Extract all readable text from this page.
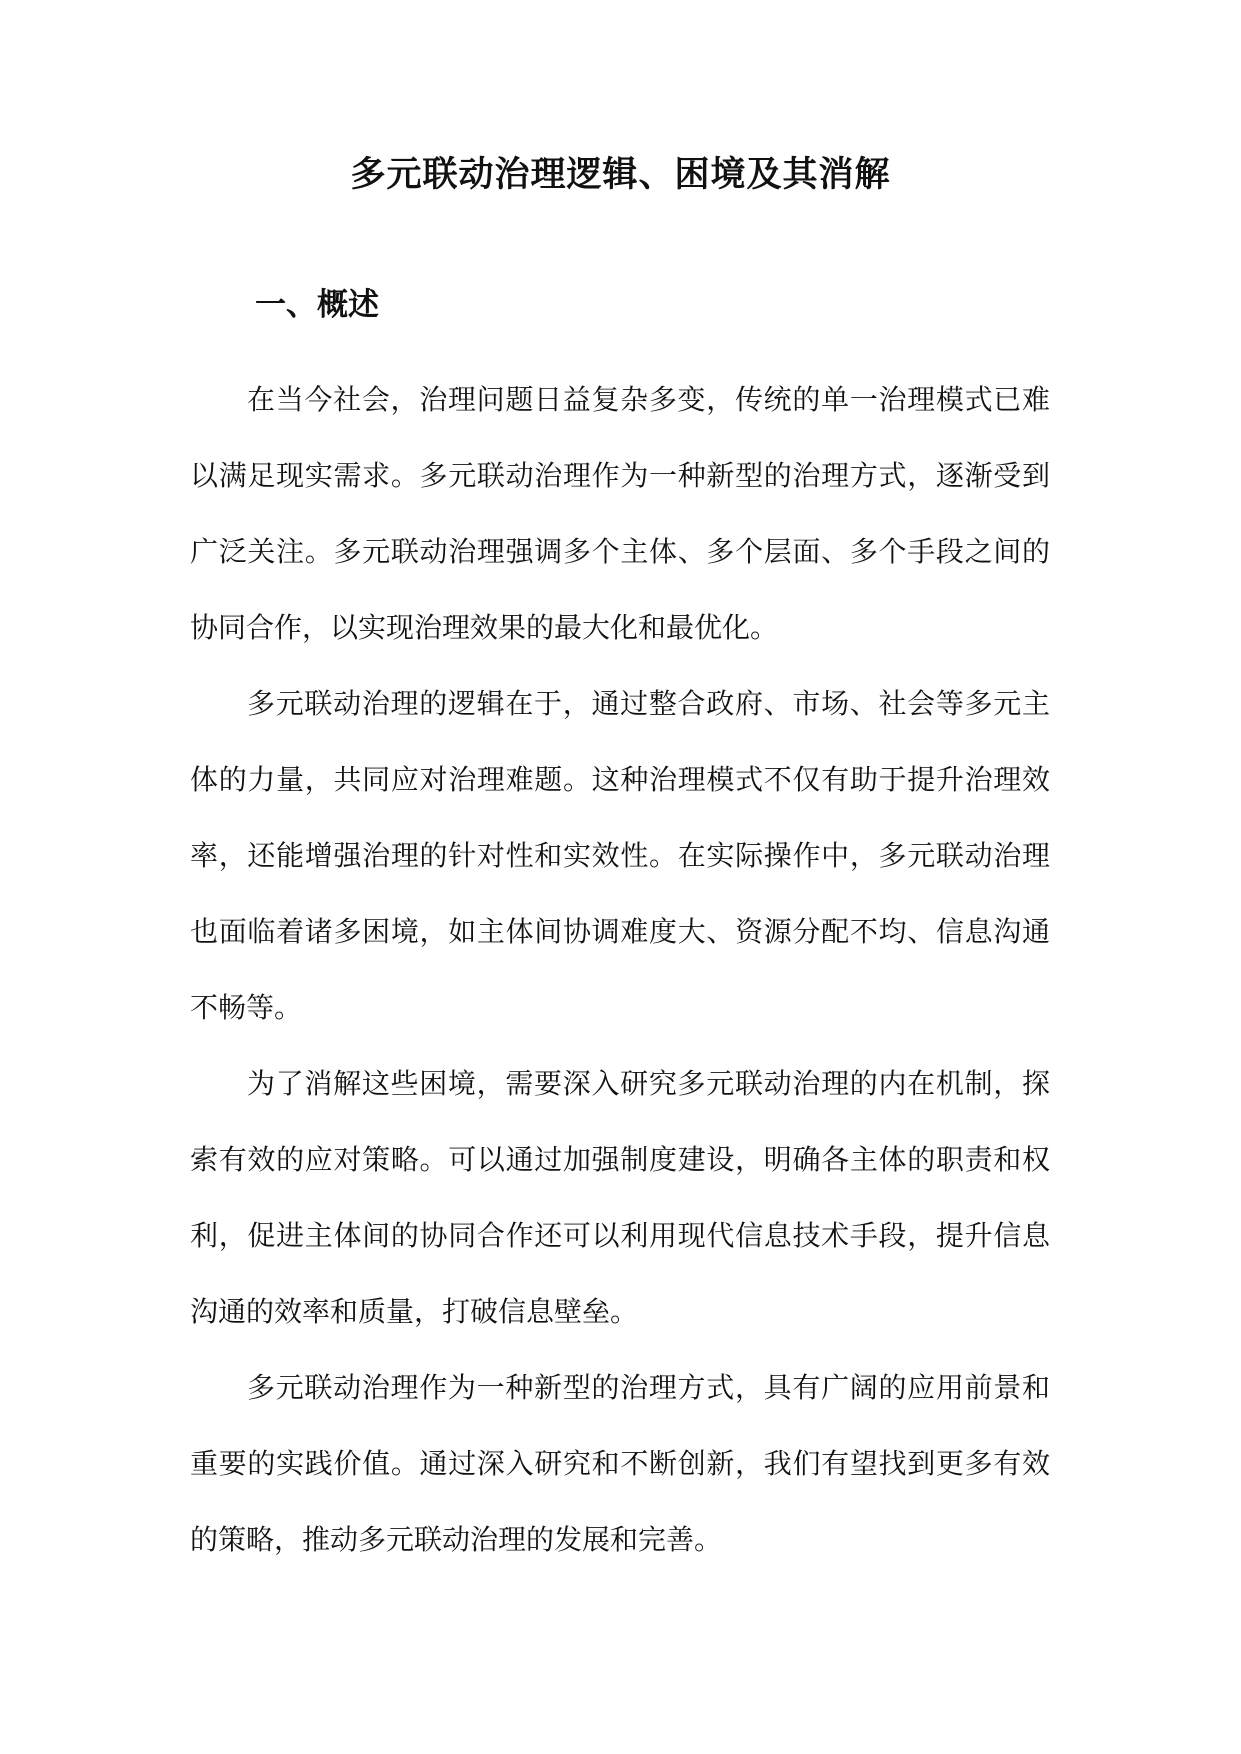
多元联动治理逻辑、困境及其消解
一、概述

在当今社会，治理问题日益复杂多变，传统的单一治理模式已难以满足现实需求。多元联动治理作为一种新型的治理方式，逐渐受到广泛关注。多元联动治理强调多个主体、多个层面、多个手段之间的协同合作，以实现治理效果的最大化和最优化。

多元联动治理的逻辑在于，通过整合政府、市场、社会等多元主体的力量，共同应对治理难题。这种治理模式不仅有助于提升治理效率，还能增强治理的针对性和实效性。在实际操作中，多元联动治理也面临着诸多困境，如主体间协调难度大、资源分配不均、信息沟通不畅等。

为了消解这些困境，需要深入研究多元联动治理的内在机制，探索有效的应对策略。可以通过加强制度建设，明确各主体的职责和权利，促进主体间的协同合作还可以利用现代信息技术手段，提升信息沟通的效率和质量，打破信息壁垒。

多元联动治理作为一种新型的治理方式，具有广阔的应用前景和重要的实践价值。通过深入研究和不断创新，我们有望找到更多有效的策略，推动多元联动治理的发展和完善。
